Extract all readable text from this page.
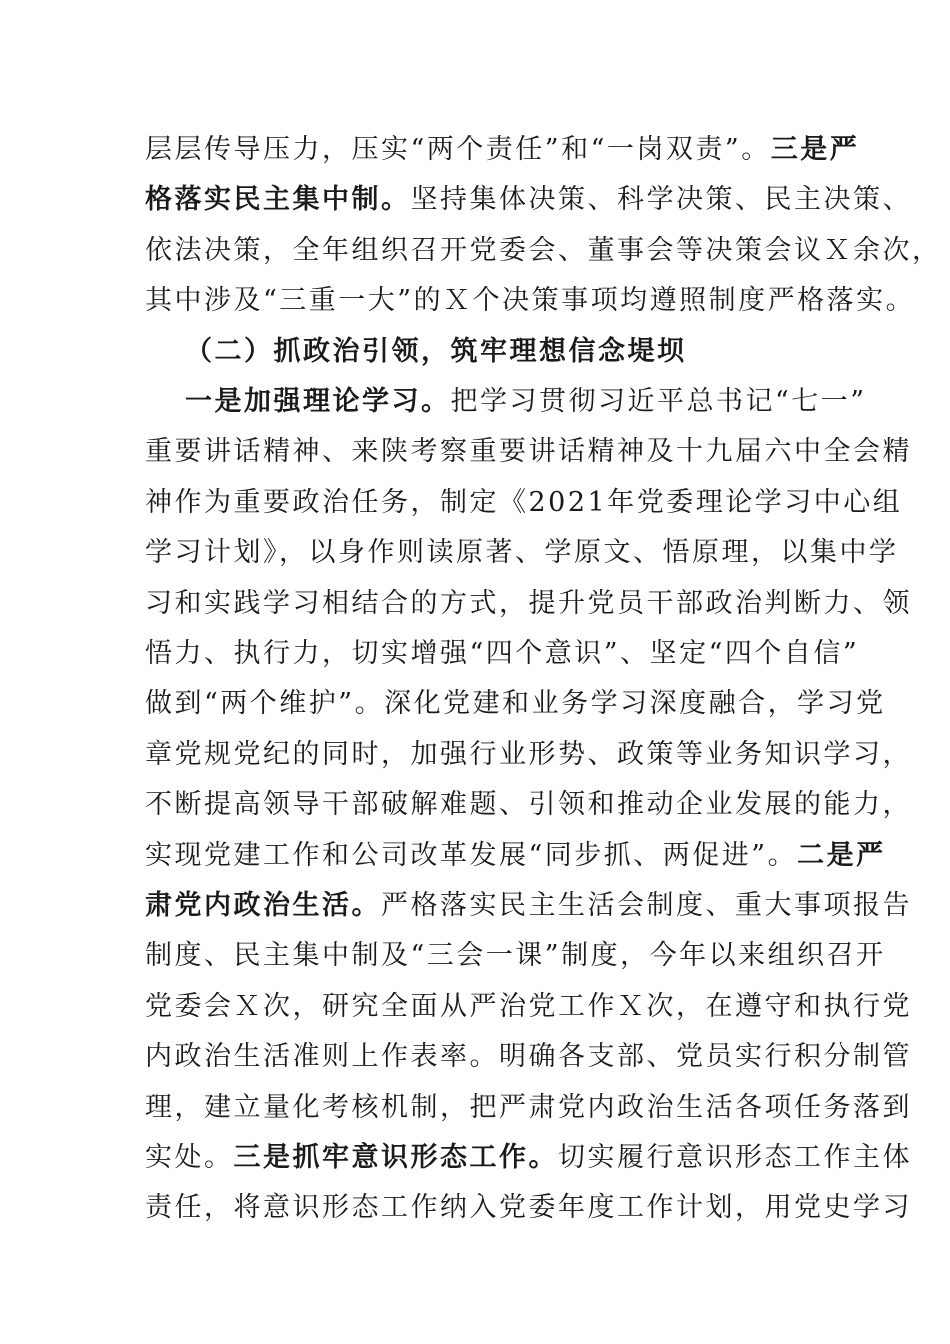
层层传导压力，压实“两个责任”和“一岗双责”。三是严
格落实民主集中制。坚持集体决策、科学决策、民主决策、
依法决策，全年组织召开党委会、董事会等决策会议Ｘ余次，
其中涉及“三重一大”的Ｘ个决策事项均遵照制度严格落实。
（二）抓政治引领，筑牢理想信念堤坝
一是加强理论学习。把学习贯彻习近平总书记“七一”
重要讲话精神、来陕考察重要讲话精神及十九届六中全会精
神作为重要政治任务，制定《2021年党委理论学习中心组
学习计划》，以身作则读原著、学原文、悟原理，以集中学
习和实践学习相结合的方式，提升党员干部政治判断力、领
悟力、执行力，切实增强“四个意识”、坚定“四个自信”
做到“两个维护”。深化党建和业务学习深度融合，学习党
章党规党纪的同时，加强行业形势、政策等业务知识学习，
不断提高领导干部破解难题、引领和推动企业发展的能力，
实现党建工作和公司改革发展“同步抓、两促进”。二是严
肃党内政治生活。严格落实民主生活会制度、重大事项报告
制度、民主集中制及“三会一课”制度，今年以来组织召开
党委会Ｘ次，研究全面从严治党工作Ｘ次，在遵守和执行党
内政治生活准则上作表率。明确各支部、党员实行积分制管
理，建立量化考核机制，把严肃党内政治生活各项任务落到
实处。三是抓牢意识形态工作。切实履行意识形态工作主体
责任，将意识形态工作纳入党委年度工作计划，用党史学习
